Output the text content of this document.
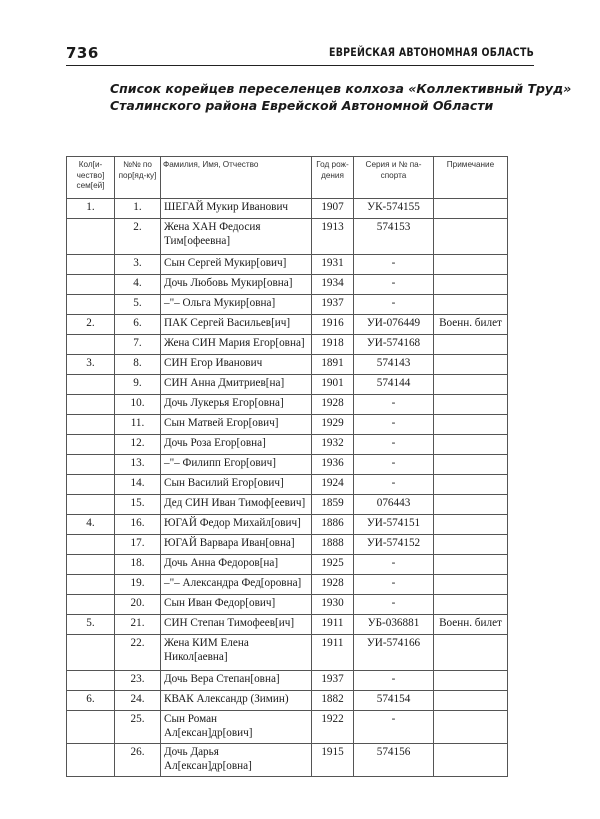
736	ЕВРЕЙСКАЯ АВТОНОМНАЯ ОБЛАСТЬ
Список корейцев переселенцев колхоза «Коллективный Труд»
Сталинского района Еврейской Автономной Области
Кол[и-чество] сем[ей]	№№ по пор[яд-ку]	Фамилия, Имя, Отчество	Год рож-дения	Серия и № па-спорта	Примечание
1.	1.	ШЕГАЙ Мукир Иванович	1907	УК-574155	
	2.	Жена ХАН Федосия Тим[офеевна]	1913	574153	
	3.	Сын Сергей Мукир[ович]	1931	-	
	4.	Дочь Любовь Мукир[овна]	1934	-	
	5.	–"– Ольга Мукир[овна]	1937	-	
2.	6.	ПАК Сергей Васильев[ич]	1916	УИ-076449	Военн. билет
	7.	Жена СИН Мария Егор[овна]	1918	УИ-574168	
3.	8.	СИН Егор Иванович	1891	574143	
	9.	СИН Анна Дмитриев[на]	1901	574144	
	10.	Дочь Лукерья Егор[овна]	1928	-	
	11.	Сын Матвей Егор[ович]	1929	-	
	12.	Дочь Роза Егор[овна]	1932	-	
	13.	–"– Филипп Егор[ович]	1936	-	
	14.	Сын Василий Егор[ович]	1924	-	
	15.	Дед СИН Иван Тимоф[еевич]	1859	076443	
4.	16.	ЮГАЙ Федор Михайл[ович]	1886	УИ-574151	
	17.	ЮГАЙ Варвара Иван[овна]	1888	УИ-574152	
	18.	Дочь Анна Федоров[на]	1925	-	
	19.	–"– Александра Фед[оровна]	1928	-	
	20.	Сын Иван Федор[ович]	1930	-	
5.	21.	СИН Степан Тимофеев[ич]	1911	УБ-036881	Военн. билет
	22.	Жена КИМ Елена Никол[аевна]	1911	УИ-574166	
	23.	Дочь Вера Степан[овна]	1937	-	
6.	24.	КВАК Александр (Зимин)	1882	574154	
	25.	Сын Роман Ал[ексан]др[ович]	1922	-	
	26.	Дочь Дарья Ал[ексан]др[овна]	1915	574156	
